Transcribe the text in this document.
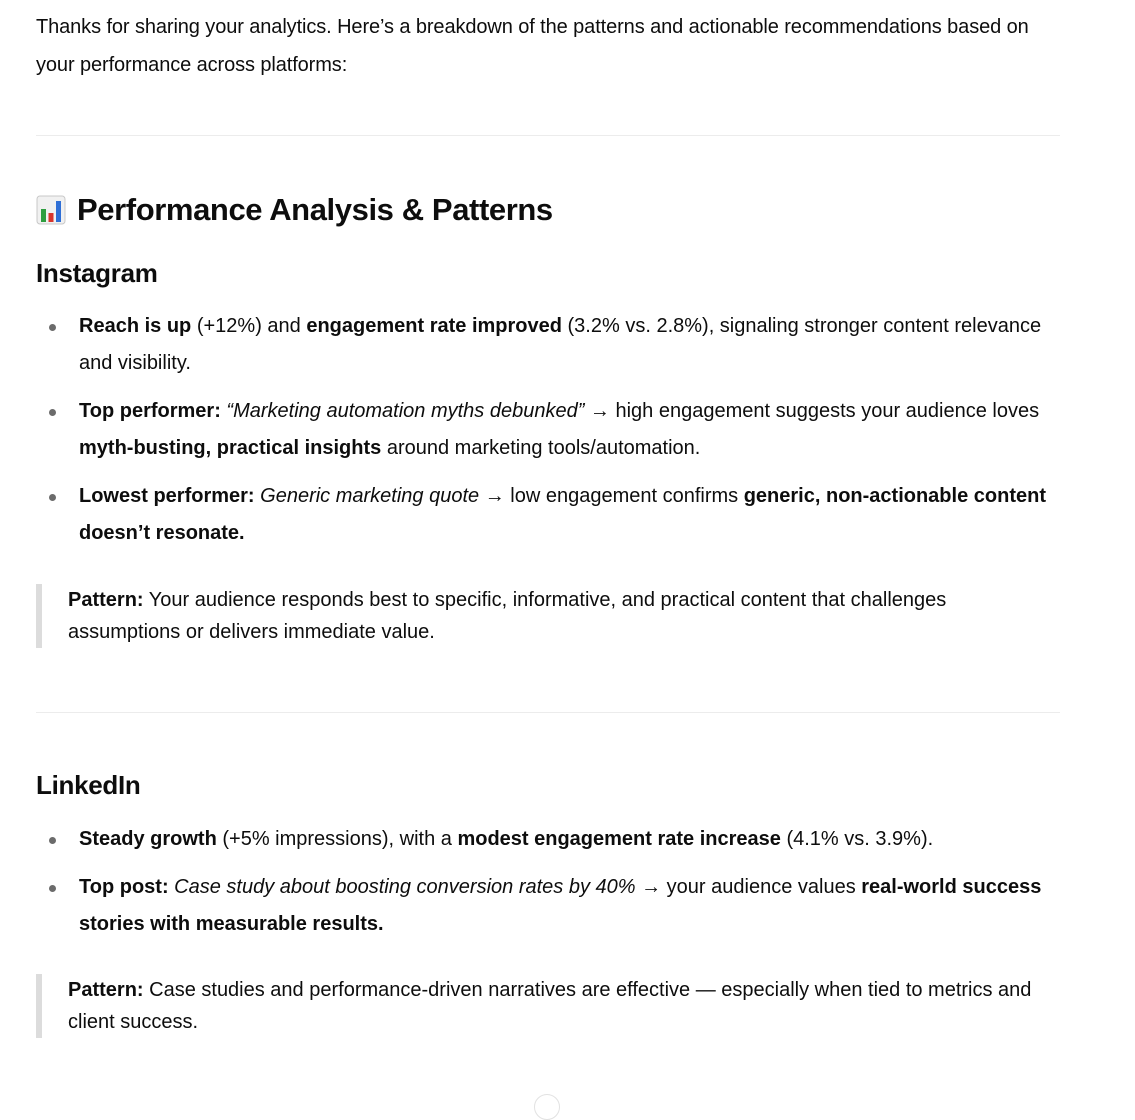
Thanks for sharing your analytics. Here’s a breakdown of the patterns and actionable recommendations based on your performance across platforms:

Performance Analysis & Patterns
Instagram
Reach is up (+12%) and engagement rate improved (3.2% vs. 2.8%), signaling stronger content relevance and visibility.
Top performer: “Marketing automation myths debunked” → high engagement suggests your audience loves myth-busting, practical insights around marketing tools/automation.
Lowest performer: Generic marketing quote → low engagement confirms generic, non-actionable content doesn’t resonate.
Pattern: Your audience responds best to specific, informative, and practical content that challenges assumptions or delivers immediate value.
LinkedIn
Steady growth (+5% impressions), with a modest engagement rate increase (4.1% vs. 3.9%).
Top post: Case study about boosting conversion rates by 40% → your audience values real-world success stories with measurable results.
Pattern: Case studies and performance-driven narratives are effective — especially when tied to metrics and client success.
